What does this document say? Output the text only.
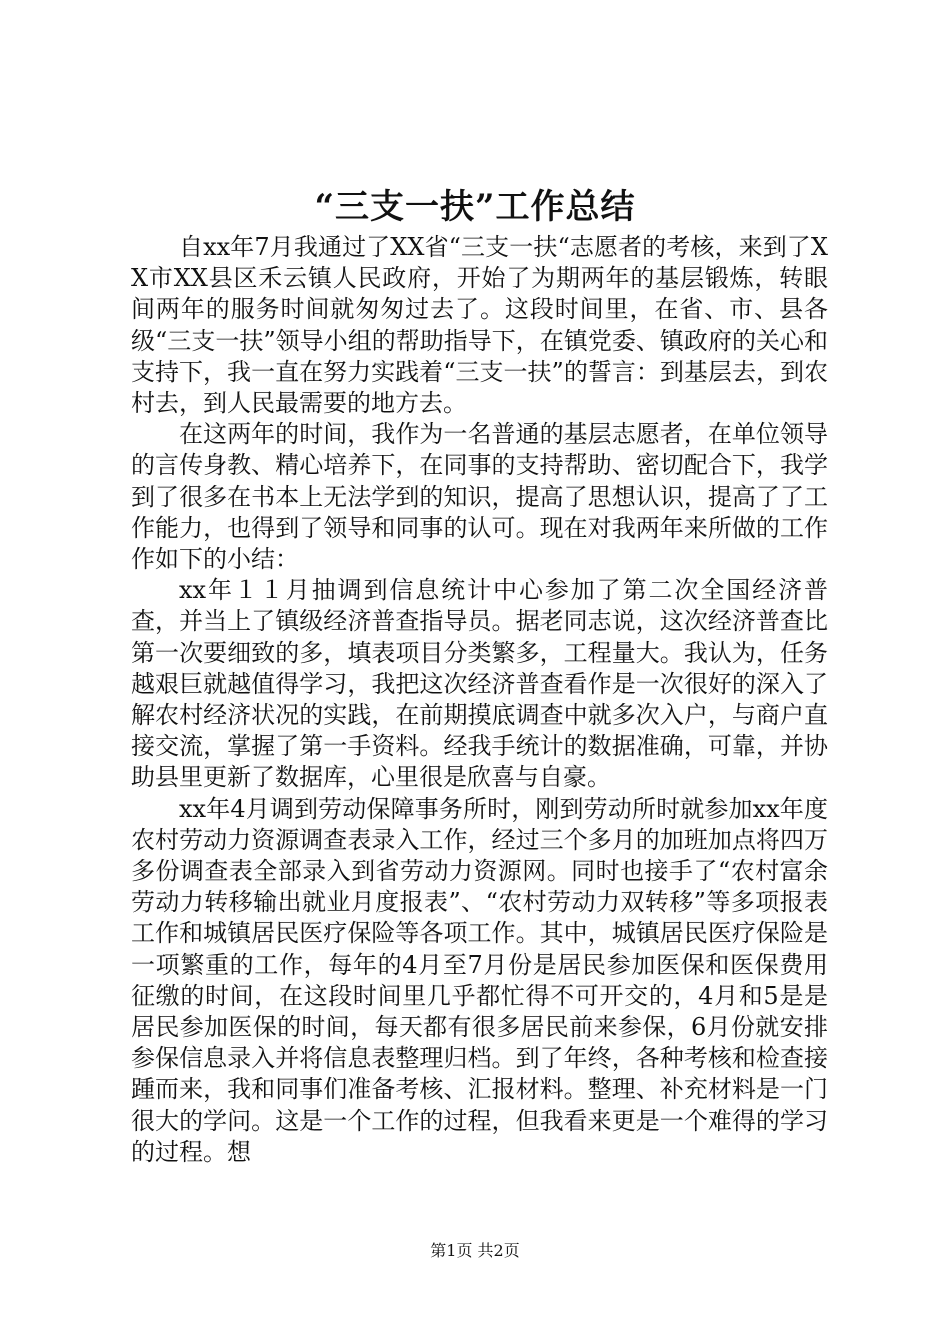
“三支一扶”工作总结

自xx年7月我通过了XX省“三支一扶“志愿者的考核，来到了XX市XX县区禾云镇人民政府，开始了为期两年的基层锻炼，转眼间两年的服务时间就匆匆过去了。这段时间里，在省、市、县各级“三支一扶”领导小组的帮助指导下，在镇党委、镇政府的关心和支持下，我一直在努力实践着“三支一扶”的誓言：到基层去，到农村去，到人民最需要的地方去。

在这两年的时间，我作为一名普通的基层志愿者，在单位领导的言传身教、精心培养下，在同事的支持帮助、密切配合下，我学到了很多在书本上无法学到的知识，提高了思想认识，提高了了工作能力，也得到了领导和同事的认可。现在对我两年来所做的工作作如下的小结：

xx年１１月抽调到信息统计中心参加了第二次全国经济普查，并当上了镇级经济普查指导员。据老同志说，这次经济普查比第一次要细致的多，填表项目分类繁多，工程量大。我认为，任务越艰巨就越值得学习，我把这次经济普查看作是一次很好的深入了解农村经济状况的实践，在前期摸底调查中就多次入户，与商户直接交流，掌握了第一手资料。经我手统计的数据准确，可靠，并协助县里更新了数据库，心里很是欣喜与自豪。

xx年4月调到劳动保障事务所时，刚到劳动所时就参加xx年度农村劳动力资源调查表录入工作，经过三个多月的加班加点将四万多份调查表全部录入到省劳动力资源网。同时也接手了“农村富余劳动力转移输出就业月度报表”、“农村劳动力双转移”等多项报表工作和城镇居民医疗保险等各项工作。其中，城镇居民医疗保险是一项繁重的工作，每年的4月至7月份是居民参加医保和医保费用征缴的时间，在这段时间里几乎都忙得不可开交的，4月和5是是居民参加医保的时间，每天都有很多居民前来参保，6月份就安排参保信息录入并将信息表整理归档。到了年终，各种考核和检查接踵而来，我和同事们准备考核、汇报材料。整理、补充材料是一门很大的学问。这是一个工作的过程，但我看来更是一个难得的学习的过程。想

第1页 共2页
